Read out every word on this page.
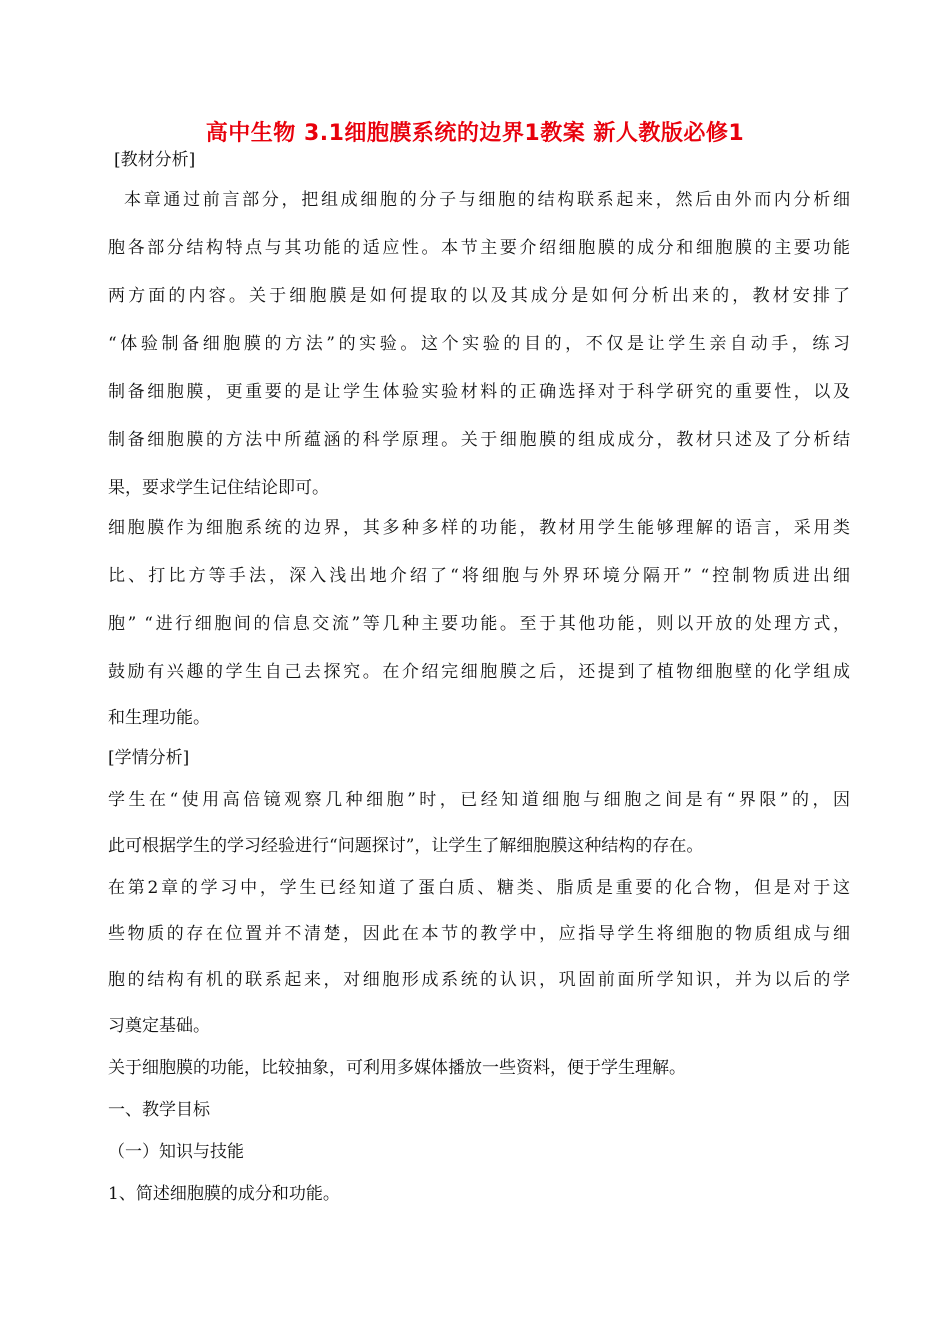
高中生物 3.1细胞膜系统的边界1教案 新人教版必修1

[教材分析]

本章通过前言部分，把组成细胞的分子与细胞的结构联系起来，然后由外而内分析细

胞各部分结构特点与其功能的适应性。本节主要介绍细胞膜的成分和细胞膜的主要功能

两方面的内容。关于细胞膜是如何提取的以及其成分是如何分析出来的，教材安排了

“体验制备细胞膜的方法”的实验。这个实验的目的，不仅是让学生亲自动手，练习

制备细胞膜，更重要的是让学生体验实验材料的正确选择对于科学研究的重要性，以及

制备细胞膜的方法中所蕴涵的科学原理。关于细胞膜的组成成分，教材只述及了分析结

果，要求学生记住结论即可。

细胞膜作为细胞系统的边界，其多种多样的功能，教材用学生能够理解的语言，采用类

比、打比方等手法，深入浅出地介绍了“将细胞与外界环境分隔开” “控制物质进出细

胞” “进行细胞间的信息交流”等几种主要功能。至于其他功能，则以开放的处理方式，

鼓励有兴趣的学生自己去探究。在介绍完细胞膜之后，还提到了植物细胞壁的化学组成

和生理功能。

[学情分析]

学生在“使用高倍镜观察几种细胞”时，已经知道细胞与细胞之间是有“界限”的，因

此可根据学生的学习经验进行“问题探讨”，让学生了解细胞膜这种结构的存在。

在第2章的学习中，学生已经知道了蛋白质、糖类、脂质是重要的化合物，但是对于这

些物质的存在位置并不清楚，因此在本节的教学中，应指导学生将细胞的物质组成与细

胞的结构有机的联系起来，对细胞形成系统的认识，巩固前面所学知识，并为以后的学

习奠定基础。

关于细胞膜的功能，比较抽象，可利用多媒体播放一些资料，便于学生理解。

一、教学目标

（一）知识与技能

1、简述细胞膜的成分和功能。
